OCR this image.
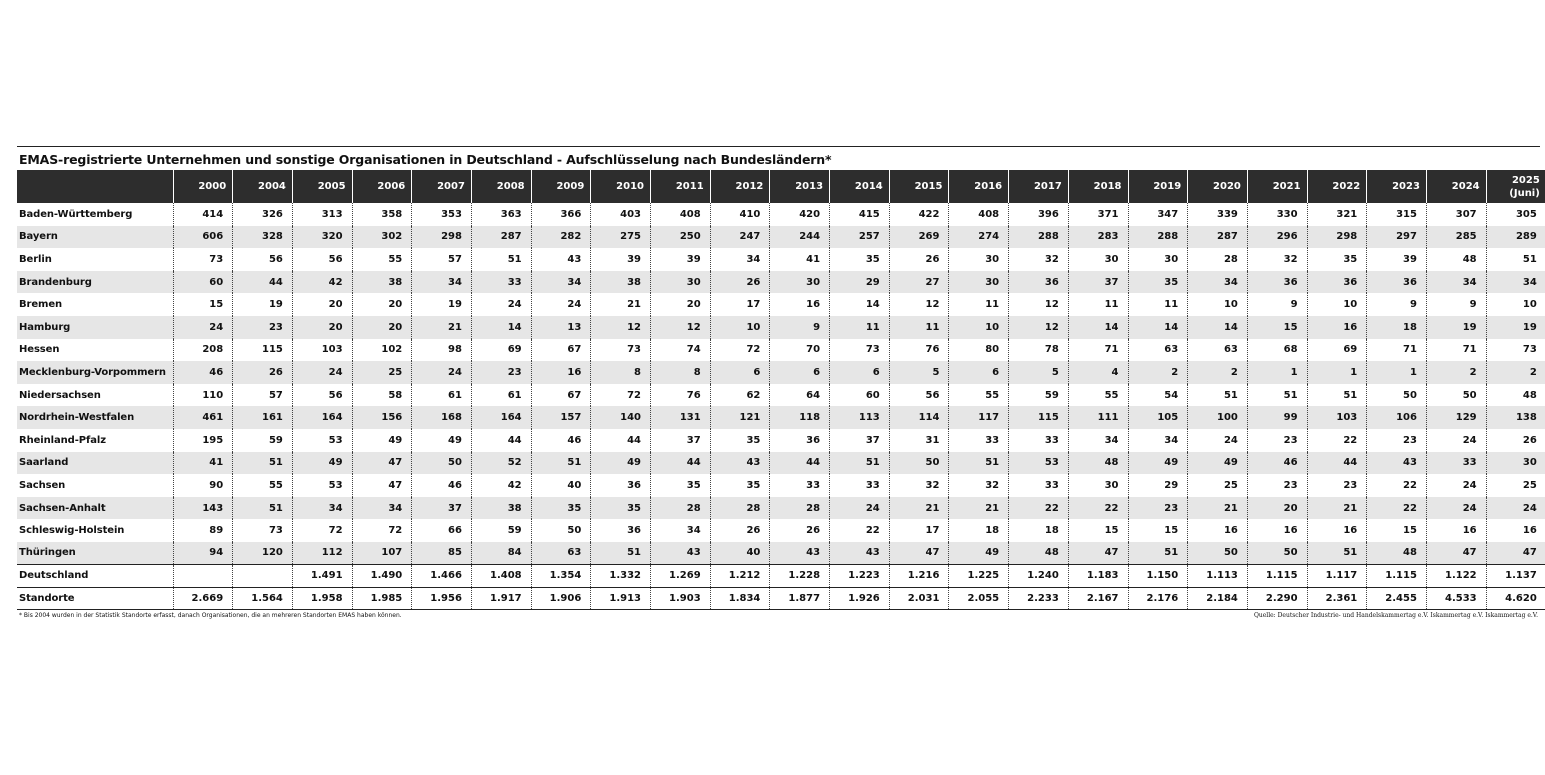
EMAS-registrierte Unternehmen und sonstige Organisationen in Deutschland - Aufschlüsselung nach Bundesländern*
	2000	2004	2005	2006	2007	2008	2009	2010	2011	2012	2013	2014	2015	2016	2017	2018	2019	2020	2021	2022	2023	2024	2025
(Juni)
Baden-Württemberg	414	326	313	358	353	363	366	403	408	410	420	415	422	408	396	371	347	339	330	321	315	307	305
Bayern	606	328	320	302	298	287	282	275	250	247	244	257	269	274	288	283	288	287	296	298	297	285	289
Berlin	73	56	56	55	57	51	43	39	39	34	41	35	26	30	32	30	30	28	32	35	39	48	51
Brandenburg	60	44	42	38	34	33	34	38	30	26	30	29	27	30	36	37	35	34	36	36	36	34	34
Bremen	15	19	20	20	19	24	24	21	20	17	16	14	12	11	12	11	11	10	9	10	9	9	10
Hamburg	24	23	20	20	21	14	13	12	12	10	9	11	11	10	12	14	14	14	15	16	18	19	19
Hessen	208	115	103	102	98	69	67	73	74	72	70	73	76	80	78	71	63	63	68	69	71	71	73
Mecklenburg-Vorpommern	46	26	24	25	24	23	16	8	8	6	6	6	5	6	5	4	2	2	1	1	1	2	2
Niedersachsen	110	57	56	58	61	61	67	72	76	62	64	60	56	55	59	55	54	51	51	51	50	50	48
Nordrhein-Westfalen	461	161	164	156	168	164	157	140	131	121	118	113	114	117	115	111	105	100	99	103	106	129	138
Rheinland-Pfalz	195	59	53	49	49	44	46	44	37	35	36	37	31	33	33	34	34	24	23	22	23	24	26
Saarland	41	51	49	47	50	52	51	49	44	43	44	51	50	51	53	48	49	49	46	44	43	33	30
Sachsen	90	55	53	47	46	42	40	36	35	35	33	33	32	32	33	30	29	25	23	23	22	24	25
Sachsen-Anhalt	143	51	34	34	37	38	35	35	28	28	28	24	21	21	22	22	23	21	20	21	22	24	24
Schleswig-Holstein	89	73	72	72	66	59	50	36	34	26	26	22	17	18	18	15	15	16	16	16	15	16	16
Thüringen	94	120	112	107	85	84	63	51	43	40	43	43	47	49	48	47	51	50	50	51	48	47	47
Deutschland			1.491	1.490	1.466	1.408	1.354	1.332	1.269	1.212	1.228	1.223	1.216	1.225	1.240	1.183	1.150	1.113	1.115	1.117	1.115	1.122	1.137
Standorte	2.669	1.564	1.958	1.985	1.956	1.917	1.906	1.913	1.903	1.834	1.877	1.926	2.031	2.055	2.233	2.167	2.176	2.184	2.290	2.361	2.455	4.533	4.620
* Bis 2004 wurden in der Statistik Standorte erfasst, danach Organisationen, die an mehreren Standorten EMAS haben können.	Quelle: Deutscher Industrie- und Handelskammertag e.V. Iskammertag e.V. Iskammertag e.V.
